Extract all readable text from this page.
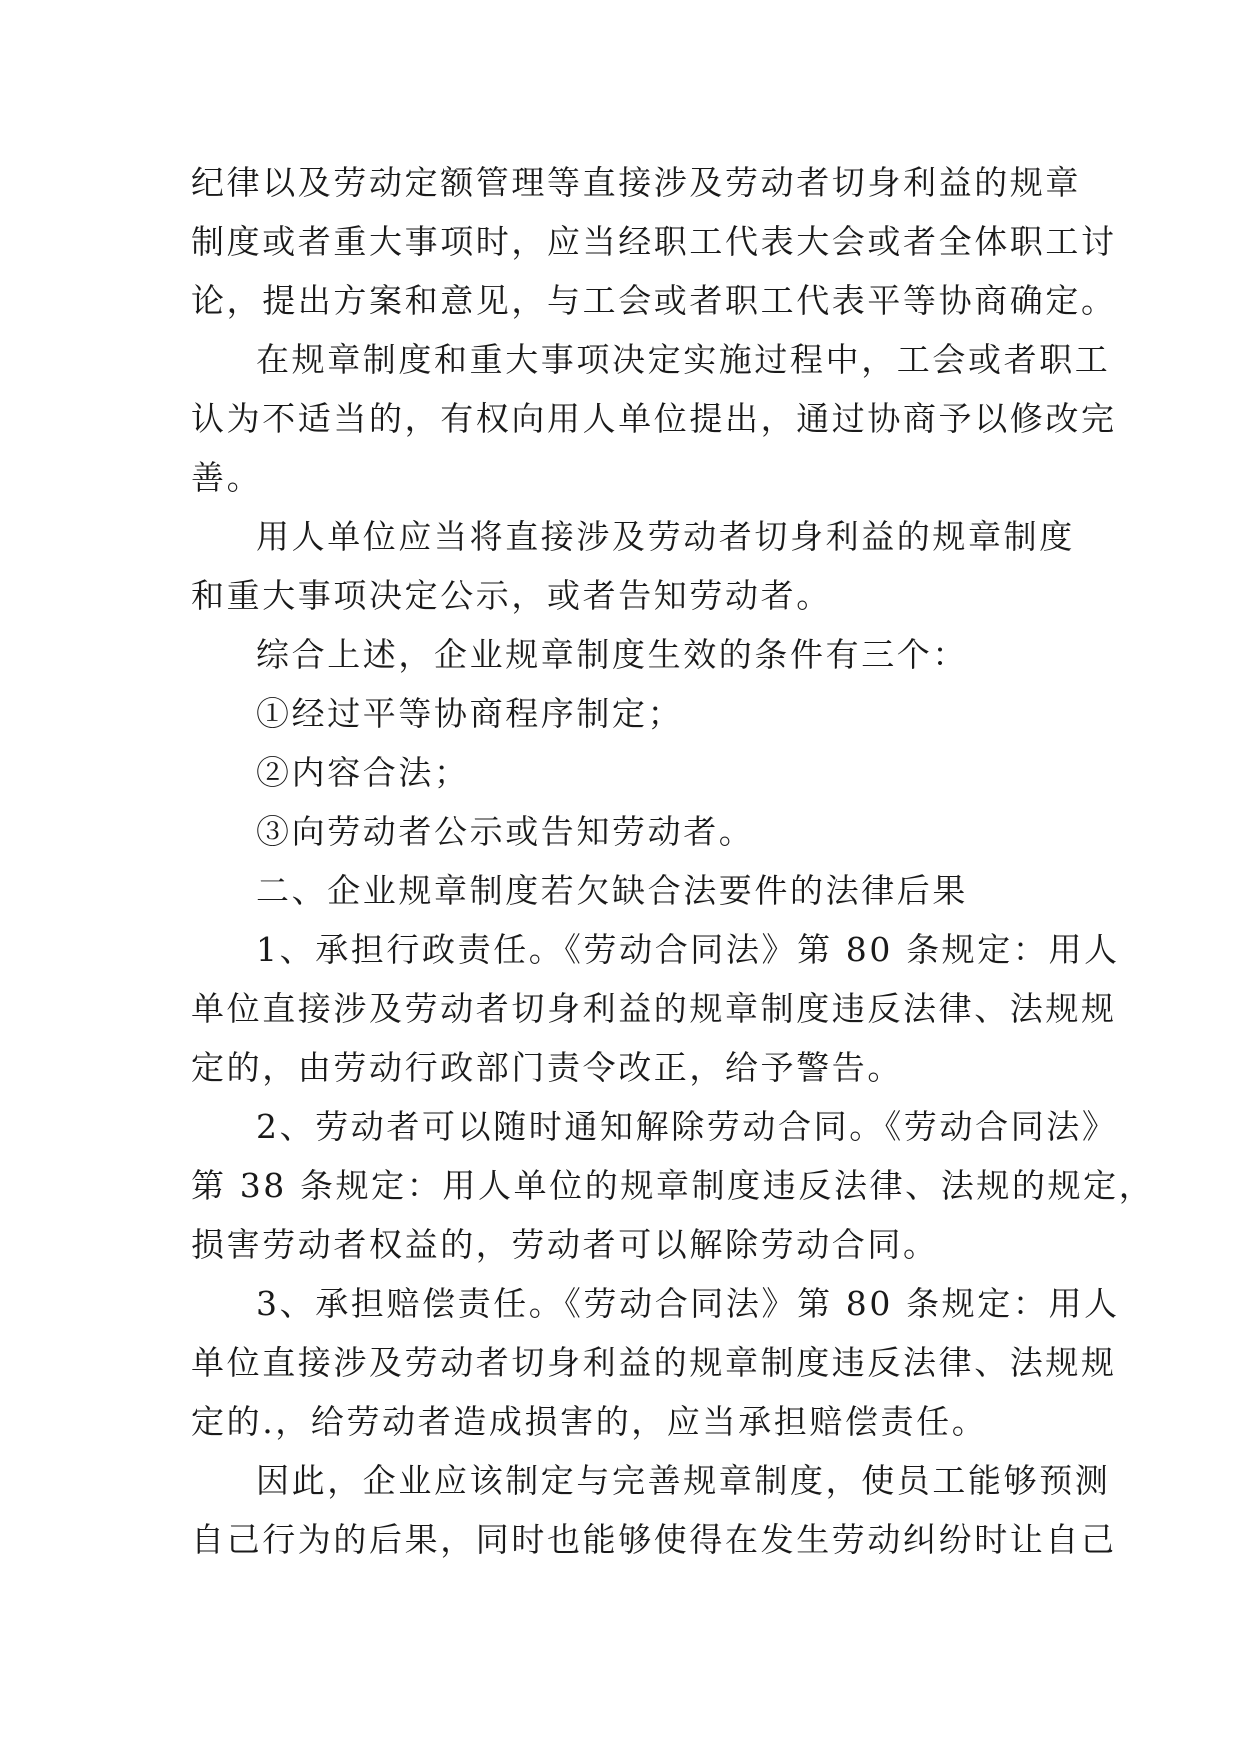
纪律以及劳动定额管理等直接涉及劳动者切身利益的规章
制度或者重大事项时，应当经职工代表大会或者全体职工讨
论，提出方案和意见，与工会或者职工代表平等协商确定。
在规章制度和重大事项决定实施过程中，工会或者职工
认为不适当的，有权向用人单位提出，通过协商予以修改完
善。
用人单位应当将直接涉及劳动者切身利益的规章制度
和重大事项决定公示，或者告知劳动者。
综合上述，企业规章制度生效的条件有三个：
①经过平等协商程序制定；
②内容合法；
③向劳动者公示或告知劳动者。
二、企业规章制度若欠缺合法要件的法律后果
1、承担行政责任。《劳动合同法》第 80 条规定：用人
单位直接涉及劳动者切身利益的规章制度违反法律、法规规
定的，由劳动行政部门责令改正，给予警告。
2、劳动者可以随时通知解除劳动合同。《劳动合同法》
第 38 条规定：用人单位的规章制度违反法律、法规的规定，
损害劳动者权益的，劳动者可以解除劳动合同。
3、承担赔偿责任。《劳动合同法》第 80 条规定：用人
单位直接涉及劳动者切身利益的规章制度违反法律、法规规
定的.，给劳动者造成损害的，应当承担赔偿责任。
因此，企业应该制定与完善规章制度，使员工能够预测
自己行为的后果，同时也能够使得在发生劳动纠纷时让自己
